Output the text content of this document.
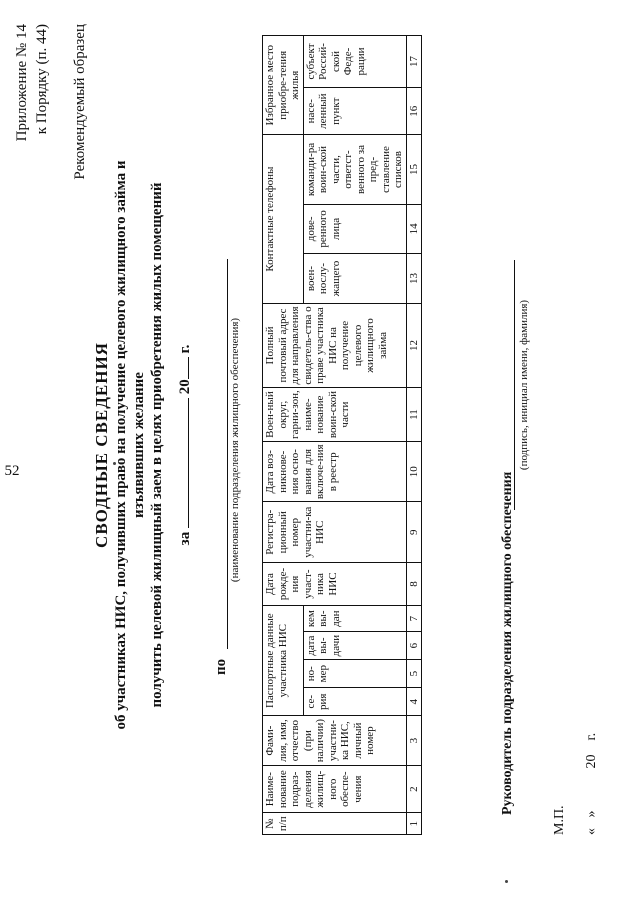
52
Приложение № 14 к Порядку (п. 44) Рекомендуемый образец
СВОДНЫЕ СВЕДЕНИЯ об участниках НИС, получивших право на получение целевого жилищного займа и изъявивших желание получить целевой жилищный заем в целях приобретения жилых помещений за  20 г.
по
(наименование подразделения жилищного обеспечения)
№ п/п	Наиме-нование подраз-деления жилищ-ного обеспе-чения	Фами-лия, имя, отчество (при наличии) участни-ка НИС, личный номер	Паспортные данные участника НИС				Дата рожде-ния участ-ника НИС	Регистра-ционный номер участни-ка НИС	Дата воз-никнове-ния осно-вания для включе-ния в реестр	Воен-ный округ, гарни-зон, наиме-нование воин-ской части	Полный почтовый адрес для направления свидетель-ства о праве участника НИС на получение целевого жилищного займа	Контактные телефоны			Избранное место приобре-тения жилья	
			се-рия	но-мер	дата вы-дачи	кем вы-дан						воен-нослу-жащего	дове-ренного лица	команди-ра воин-ской части, ответст-венного за пред-ставление списков	насе-ленный пункт	субъект Россий-ской Феде-рации
1	2	3	4	5	6	7	8	9	10	11	12	13	14	15	16	17
Руководитель подразделения жилищного обеспечения
(подпись, инициал имени, фамилия)
М.П. «   »            20    г.
